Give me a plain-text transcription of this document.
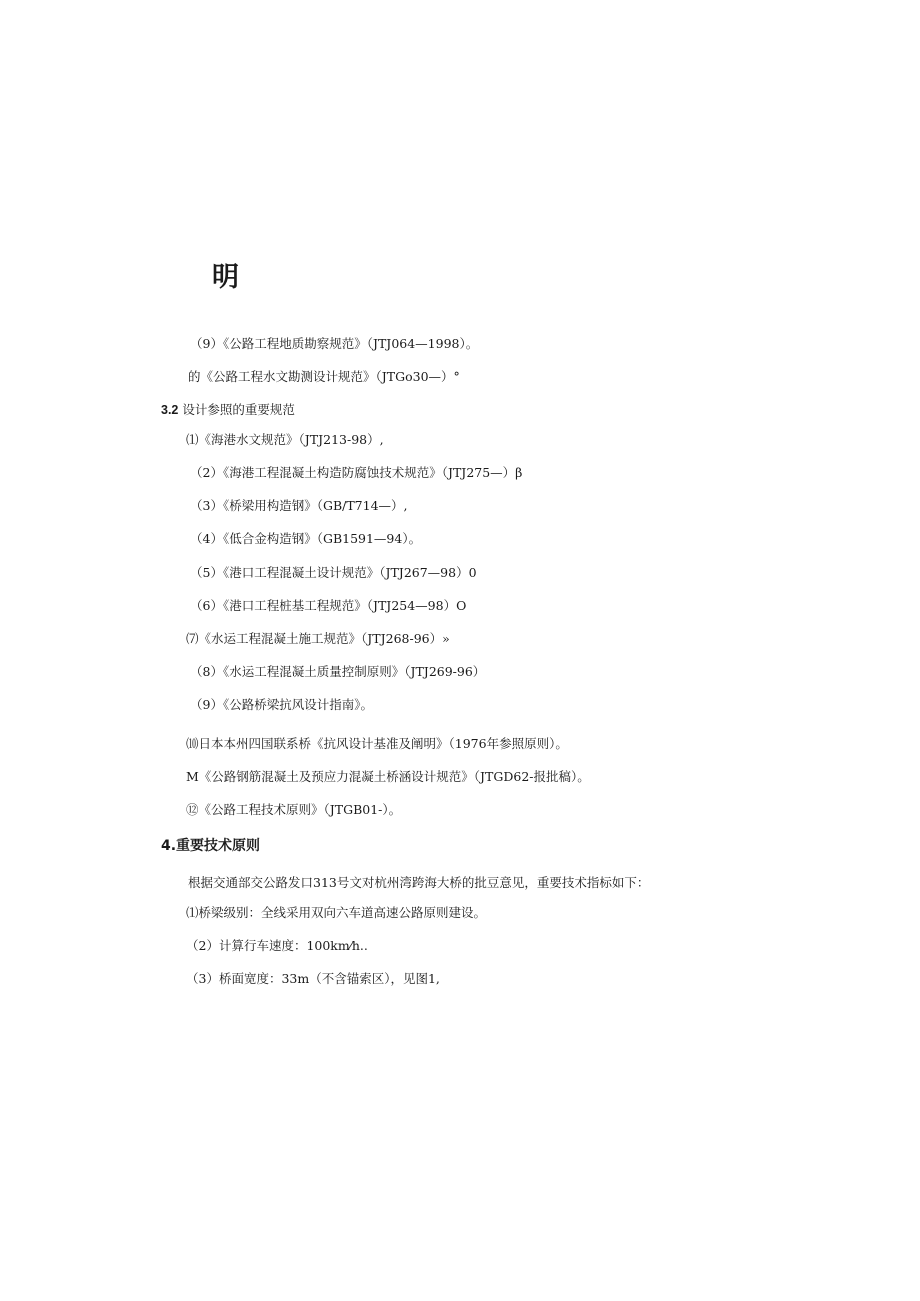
明
（9）《公路工程地质勘察规范》（JTJ064—1998）。
的《公路工程水文勘测设计规范》（JTGo30—）°
3.2 设计参照的重要规范
⑴《海港水文规范》（JTJ213-98）,
（2）《海港工程混凝土构造防腐蚀技术规范》（JTJ275—）β
（3）《桥梁用构造钢》（GB/T714—）,
（4）《低合金构造钢》（GB1591—94）。
（5）《港口工程混凝土设计规范》（JTJ267—98）0
（6）《港口工程桩基工程规范》（JTJ254—98）O
⑺《水运工程混凝土施工规范》（JTJ268-96）»
（8）《水运工程混凝土质量控制原则》（JTJ269-96）
（9）《公路桥梁抗风设计指南》。
⑽日本本州四国联系桥《抗风设计基准及阐明》（1976年参照原则）。
M《公路钢筋混凝土及预应力混凝土桥涵设计规范》（JTGD62-报批稿）。
⑫《公路工程技术原则》（JTGB01-）。
4.重要技术原则
根据交通部交公路发口313号文对杭州湾跨海大桥的批豆意见，重要技术指标如下：
⑴桥梁级别：全线采用双向六车道高速公路原则建设。
（2）计算行车速度：100km⁄h..
（3）桥面宽度：33m（不含锚索区），见图1,
